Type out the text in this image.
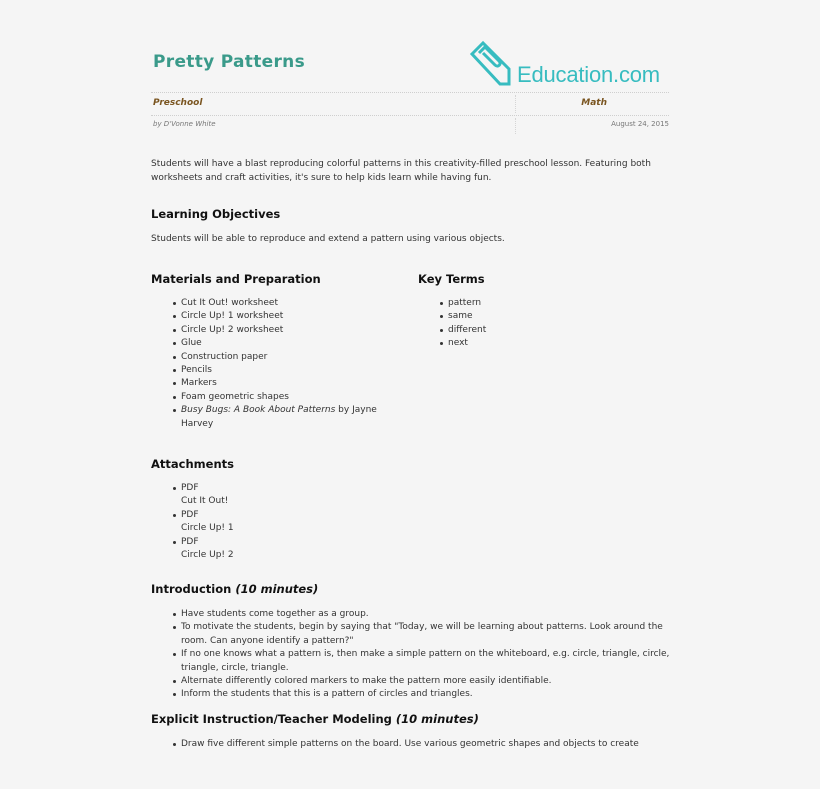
Pretty Patterns	Education.com
Preschool	Math
by D'Vonne White	August 24, 2015

Students will have a blast reproducing colorful patterns in this creativity-filled preschool lesson. Featuring both worksheets and craft activities, it's sure to help kids learn while having fun.

Learning Objectives

Students will be able to reproduce and extend a pattern using various objects.

Materials and Preparation
Cut It Out! worksheet
Circle Up! 1 worksheet
Circle Up! 2 worksheet
Glue
Construction paper
Pencils
Markers
Foam geometric shapes
Busy Bugs: A Book About Patterns by Jayne Harvey
Key Terms
pattern
same
different
next
Attachments
PDF
Cut It Out!
PDF
Circle Up! 1
PDF
Circle Up! 2
Introduction (10 minutes)
Have students come together as a group.
To motivate the students, begin by saying that "Today, we will be learning about patterns. Look around the room. Can anyone identify a pattern?"
If no one knows what a pattern is, then make a simple pattern on the whiteboard, e.g. circle, triangle, circle, triangle, circle, triangle.
Alternate differently colored markers to make the pattern more easily identifiable.
Inform the students that this is a pattern of circles and triangles.
Explicit Instruction/Teacher Modeling (10 minutes)
Draw five different simple patterns on the board. Use various geometric shapes and objects to create
